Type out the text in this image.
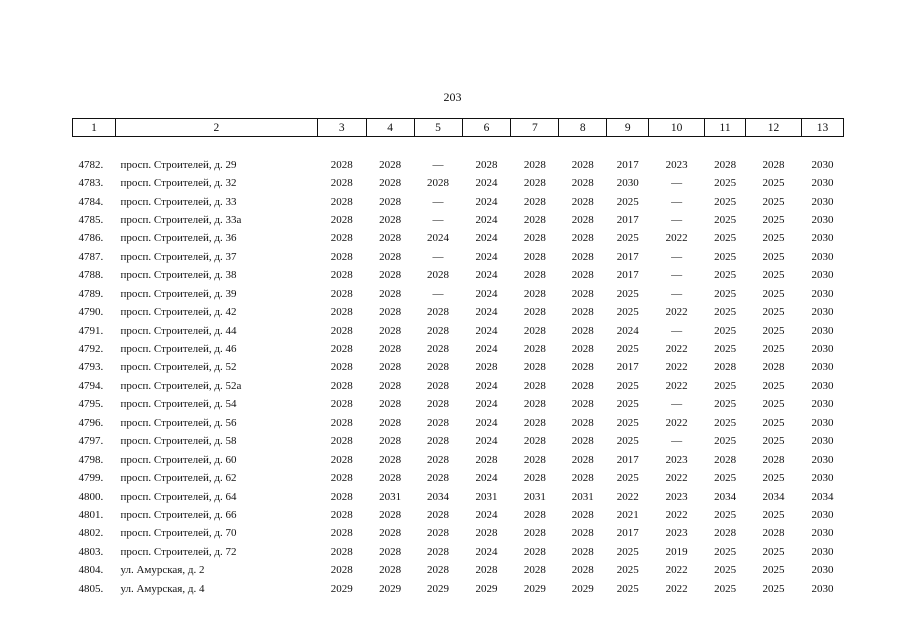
203
1	2	3	4	5	6	7	8	9	10	11	12	13

4782.	просп. Строителей, д. 29	2028	2028	—	2028	2028	2028	2017	2023	2028	2028	2030
4783.	просп. Строителей, д. 32	2028	2028	2028	2024	2028	2028	2030	—	2025	2025	2030
4784.	просп. Строителей, д. 33	2028	2028	—	2024	2028	2028	2025	—	2025	2025	2030
4785.	просп. Строителей, д. 33а	2028	2028	—	2024	2028	2028	2017	—	2025	2025	2030
4786.	просп. Строителей, д. 36	2028	2028	2024	2024	2028	2028	2025	2022	2025	2025	2030
4787.	просп. Строителей, д. 37	2028	2028	—	2024	2028	2028	2017	—	2025	2025	2030
4788.	просп. Строителей, д. 38	2028	2028	2028	2024	2028	2028	2017	—	2025	2025	2030
4789.	просп. Строителей, д. 39	2028	2028	—	2024	2028	2028	2025	—	2025	2025	2030
4790.	просп. Строителей, д. 42	2028	2028	2028	2024	2028	2028	2025	2022	2025	2025	2030
4791.	просп. Строителей, д. 44	2028	2028	2028	2024	2028	2028	2024	—	2025	2025	2030
4792.	просп. Строителей, д. 46	2028	2028	2028	2024	2028	2028	2025	2022	2025	2025	2030
4793.	просп. Строителей, д. 52	2028	2028	2028	2028	2028	2028	2017	2022	2028	2028	2030
4794.	просп. Строителей, д. 52а	2028	2028	2028	2024	2028	2028	2025	2022	2025	2025	2030
4795.	просп. Строителей, д. 54	2028	2028	2028	2024	2028	2028	2025	—	2025	2025	2030
4796.	просп. Строителей, д. 56	2028	2028	2028	2024	2028	2028	2025	2022	2025	2025	2030
4797.	просп. Строителей, д. 58	2028	2028	2028	2024	2028	2028	2025	—	2025	2025	2030
4798.	просп. Строителей, д. 60	2028	2028	2028	2028	2028	2028	2017	2023	2028	2028	2030
4799.	просп. Строителей, д. 62	2028	2028	2028	2024	2028	2028	2025	2022	2025	2025	2030
4800.	просп. Строителей, д. 64	2028	2031	2034	2031	2031	2031	2022	2023	2034	2034	2034
4801.	просп. Строителей, д. 66	2028	2028	2028	2024	2028	2028	2021	2022	2025	2025	2030
4802.	просп. Строителей, д. 70	2028	2028	2028	2028	2028	2028	2017	2023	2028	2028	2030
4803.	просп. Строителей, д. 72	2028	2028	2028	2024	2028	2028	2025	2019	2025	2025	2030
4804.	ул. Амурская, д. 2	2028	2028	2028	2028	2028	2028	2025	2022	2025	2025	2030
4805.	ул. Амурская, д. 4	2029	2029	2029	2029	2029	2029	2025	2022	2025	2025	2030
